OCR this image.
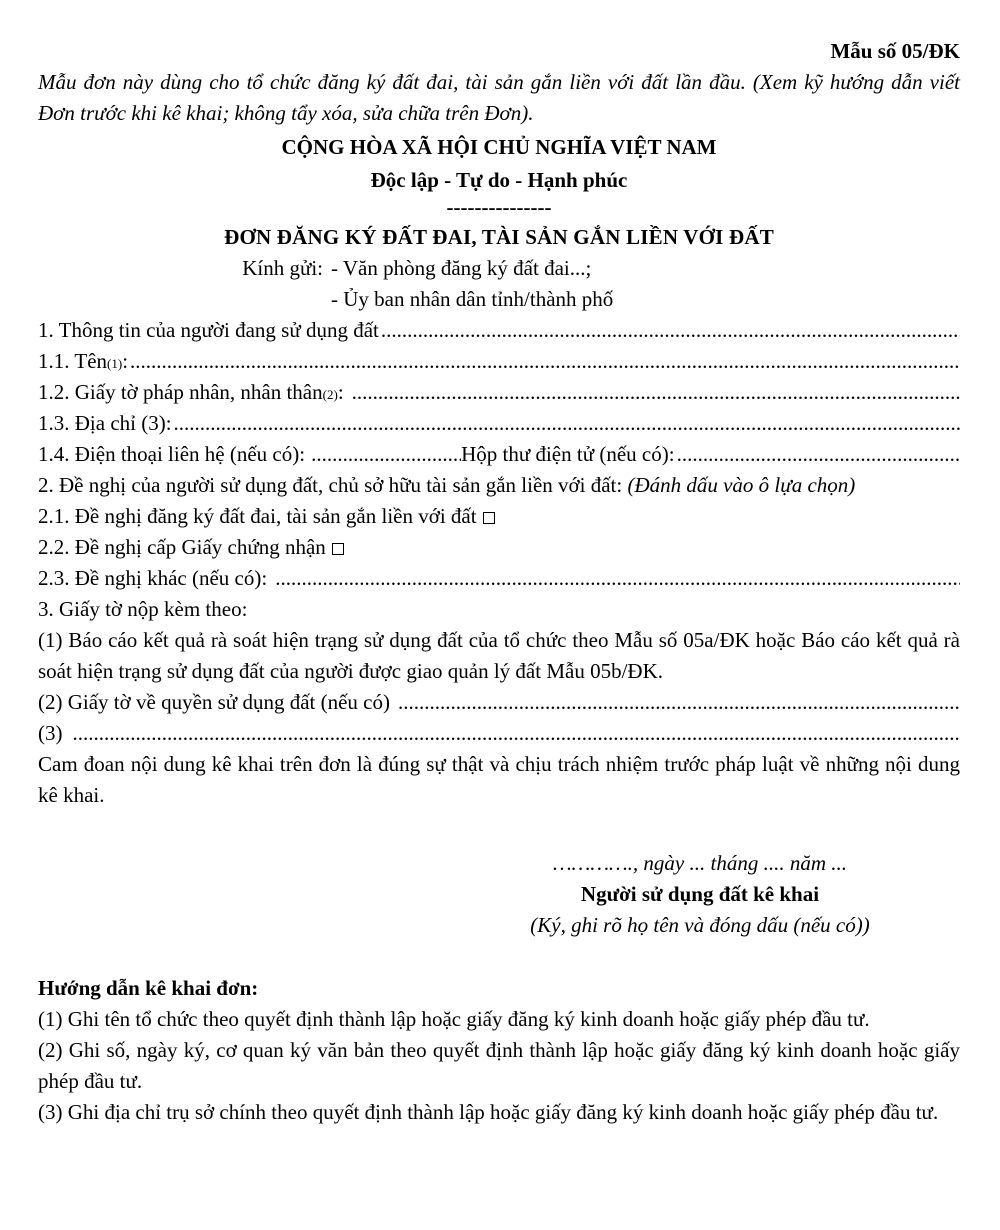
Mẫu số 05/ĐK
Mẫu đơn này dùng cho tổ chức đăng ký đất đai, tài sản gắn liền với đất lần đầu. (Xem kỹ hướng dẫn viết Đơn trước khi kê khai; không tẩy xóa, sửa chữa trên Đơn).
CỘNG HÒA XÃ HỘI CHỦ NGHĨA VIỆT NAM
Độc lập - Tự do - Hạnh phúc
---------------
ĐƠN ĐĂNG KÝ ĐẤT ĐAI, TÀI SẢN GẮN LIỀN VỚI ĐẤT
Kính gửi: - Văn phòng đăng ký đất đai...;
- Ủy ban nhân dân tỉnh/thành phố
1. Thông tin của người đang sử dụng đất
.....
1.1. Tên (1) :
.....
1.2. Giấy tờ pháp nhân, nhân thân (2) :
.....
1.3. Địa chỉ (3):
.....
1.4. Điện thoại liên hệ (nếu có):
.....	Hộp thư điện tử (nếu có):
.....
2. Đề nghị của người sử dụng đất, chủ sở hữu tài sản gắn liền với đất:
(Đánh dấu vào ô lựa chọn)
2.1. Đề nghị đăng ký đất đai, tài sản gắn liền với đất
2.2. Đề nghị cấp Giấy chứng nhận
2.3. Đề nghị khác (nếu có):
.....
3. Giấy tờ nộp kèm theo:
(1) Báo cáo kết quả rà soát hiện trạng sử dụng đất của tổ chức theo Mẫu số 05a/ĐK hoặc Báo cáo kết quả rà soát hiện trạng sử dụng đất của người được giao quản lý đất Mẫu 05b/ĐK.
(2) Giấy tờ về quyền sử dụng đất (nếu có)
.....
(3)
.....
Cam đoan nội dung kê khai trên đơn là đúng sự thật và chịu trách nhiệm trước pháp luật về những nội dung kê khai.
…………., ngày ... tháng .... năm ...
Người sử dụng đất kê khai
(Ký, ghi rõ họ tên và đóng dấu (nếu có))
Hướng dẫn kê khai đơn:
(1) Ghi tên tổ chức theo quyết định thành lập hoặc giấy đăng ký kinh doanh hoặc giấy phép đầu tư.
(2) Ghi số, ngày ký, cơ quan ký văn bản theo quyết định thành lập hoặc giấy đăng ký kinh doanh hoặc giấy phép đầu tư.
(3) Ghi địa chỉ trụ sở chính theo quyết định thành lập hoặc giấy đăng ký kinh doanh hoặc giấy phép đầu tư.
